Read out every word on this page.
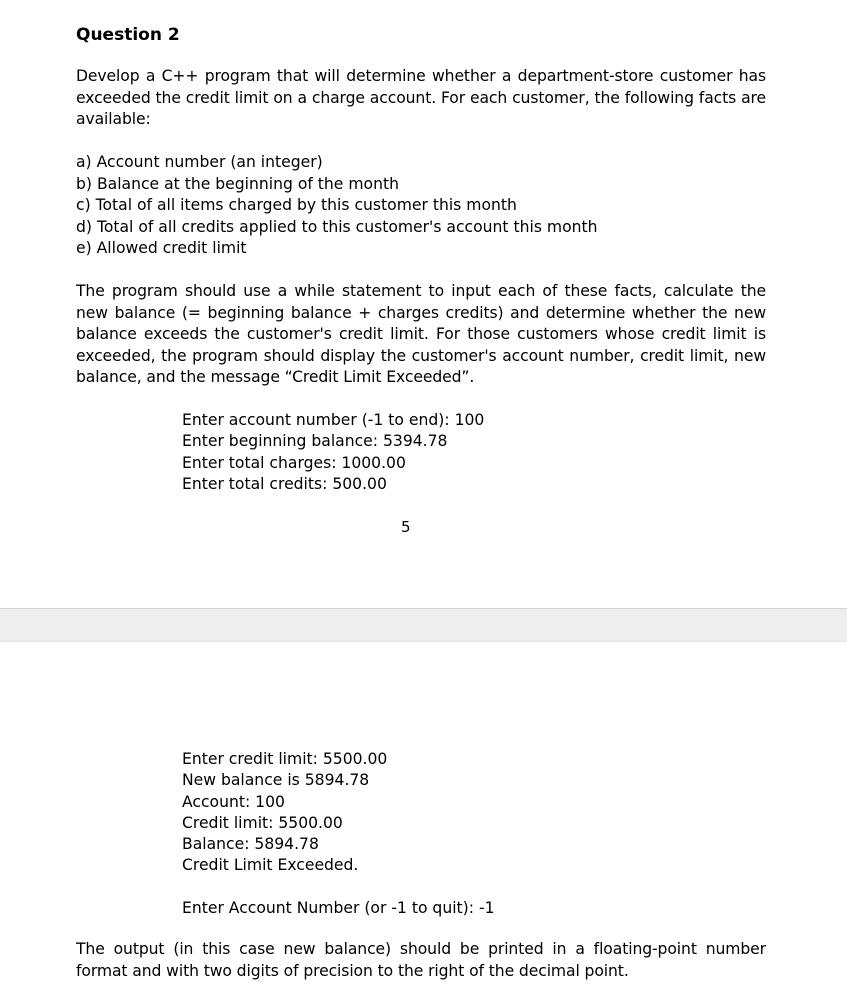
Question 2

Develop a C++ program that will determine whether a department-store customer has exceeded the credit limit on a charge account. For each customer, the following facts are available:

a) Account number (an integer)
b) Balance at the beginning of the month
c) Total of all items charged by this customer this month
d) Total of all credits applied to this customer's account this month
e) Allowed credit limit

The program should use a while statement to input each of these facts, calculate the new balance (= beginning balance + charges credits) and determine whether the new balance exceeds the customer's credit limit. For those customers whose credit limit is exceeded, the program should display the customer's account number, credit limit, new balance, and the message “Credit Limit Exceeded”.

Enter account number (-1 to end): 100
Enter beginning balance: 5394.78
Enter total charges: 1000.00
Enter total credits: 500.00
5
Enter credit limit: 5500.00
New balance is 5894.78
Account: 100
Credit limit: 5500.00
Balance: 5894.78
Credit Limit Exceeded.
Enter Account Number (or -1 to quit): -1

The output (in this case new balance) should be printed in a floating-point number format and with two digits of precision to the right of the decimal point.
